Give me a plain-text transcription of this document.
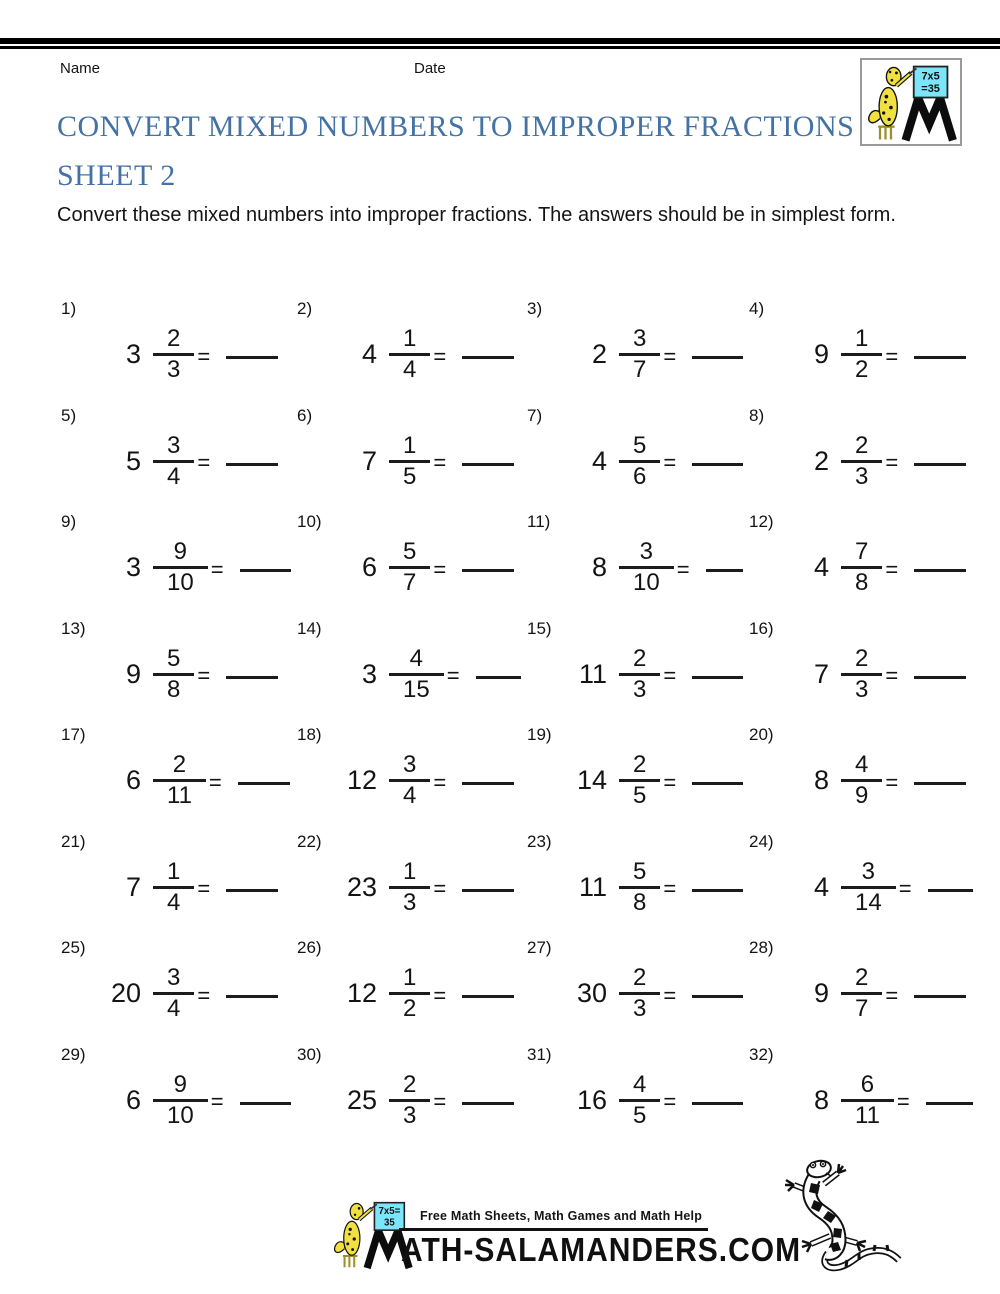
Name	Date	7x5
=35
CONVERT MIXED NUMBERS TO IMPROPER FRACTIONS
SHEET 2
Convert these mixed numbers into improper fractions. The answers should be in simplest form.
1)
$3 \frac{2}{3}$ =
2)
$4 \frac{1}{4}$ =
3)
$2 \frac{3}{7}$ =
4)
$9 \frac{1}{2}$ =
5)
$5 \frac{3}{4}$ =
6)
$7 \frac{1}{5}$ =
7)
$4 \frac{5}{6}$ =
8)
$2 \frac{2}{3}$ =
9)
$3 \frac{9}{10}$ =
10)
$6 \frac{5}{7}$ =
11)
$8 \frac{3}{10}$ =
12)
$4 \frac{7}{8}$ =
13)
$9 \frac{5}{8}$ =
14)
$3 \frac{4}{15}$ =
15)
$11 \frac{2}{3}$ =
16)
$7 \frac{2}{3}$ =
17)
$6 \frac{2}{11}$ =
18)
$12 \frac{3}{4}$ =
19)
$14 \frac{2}{5}$ =
20)
$8 \frac{4}{9}$ =
21)
$7 \frac{1}{4}$ =
22)
$23 \frac{1}{3}$ =
23)
$11 \frac{5}{8}$ =
24)
$4 \frac{3}{14}$ =
25)
$20 \frac{3}{4}$ =
26)
$12 \frac{1}{2}$ =
27)
$30 \frac{2}{3}$ =
28)
$9 \frac{2}{7}$ =
29)
$6 \frac{9}{10}$ =
30)
$25 \frac{2}{3}$ =
31)
$16 \frac{4}{5}$ =
32)
$8 \frac{6}{11}$ =
7x5=
35 Free Math Sheets, Math Games and Math Help
ATH-SALAMANDERS.COM
